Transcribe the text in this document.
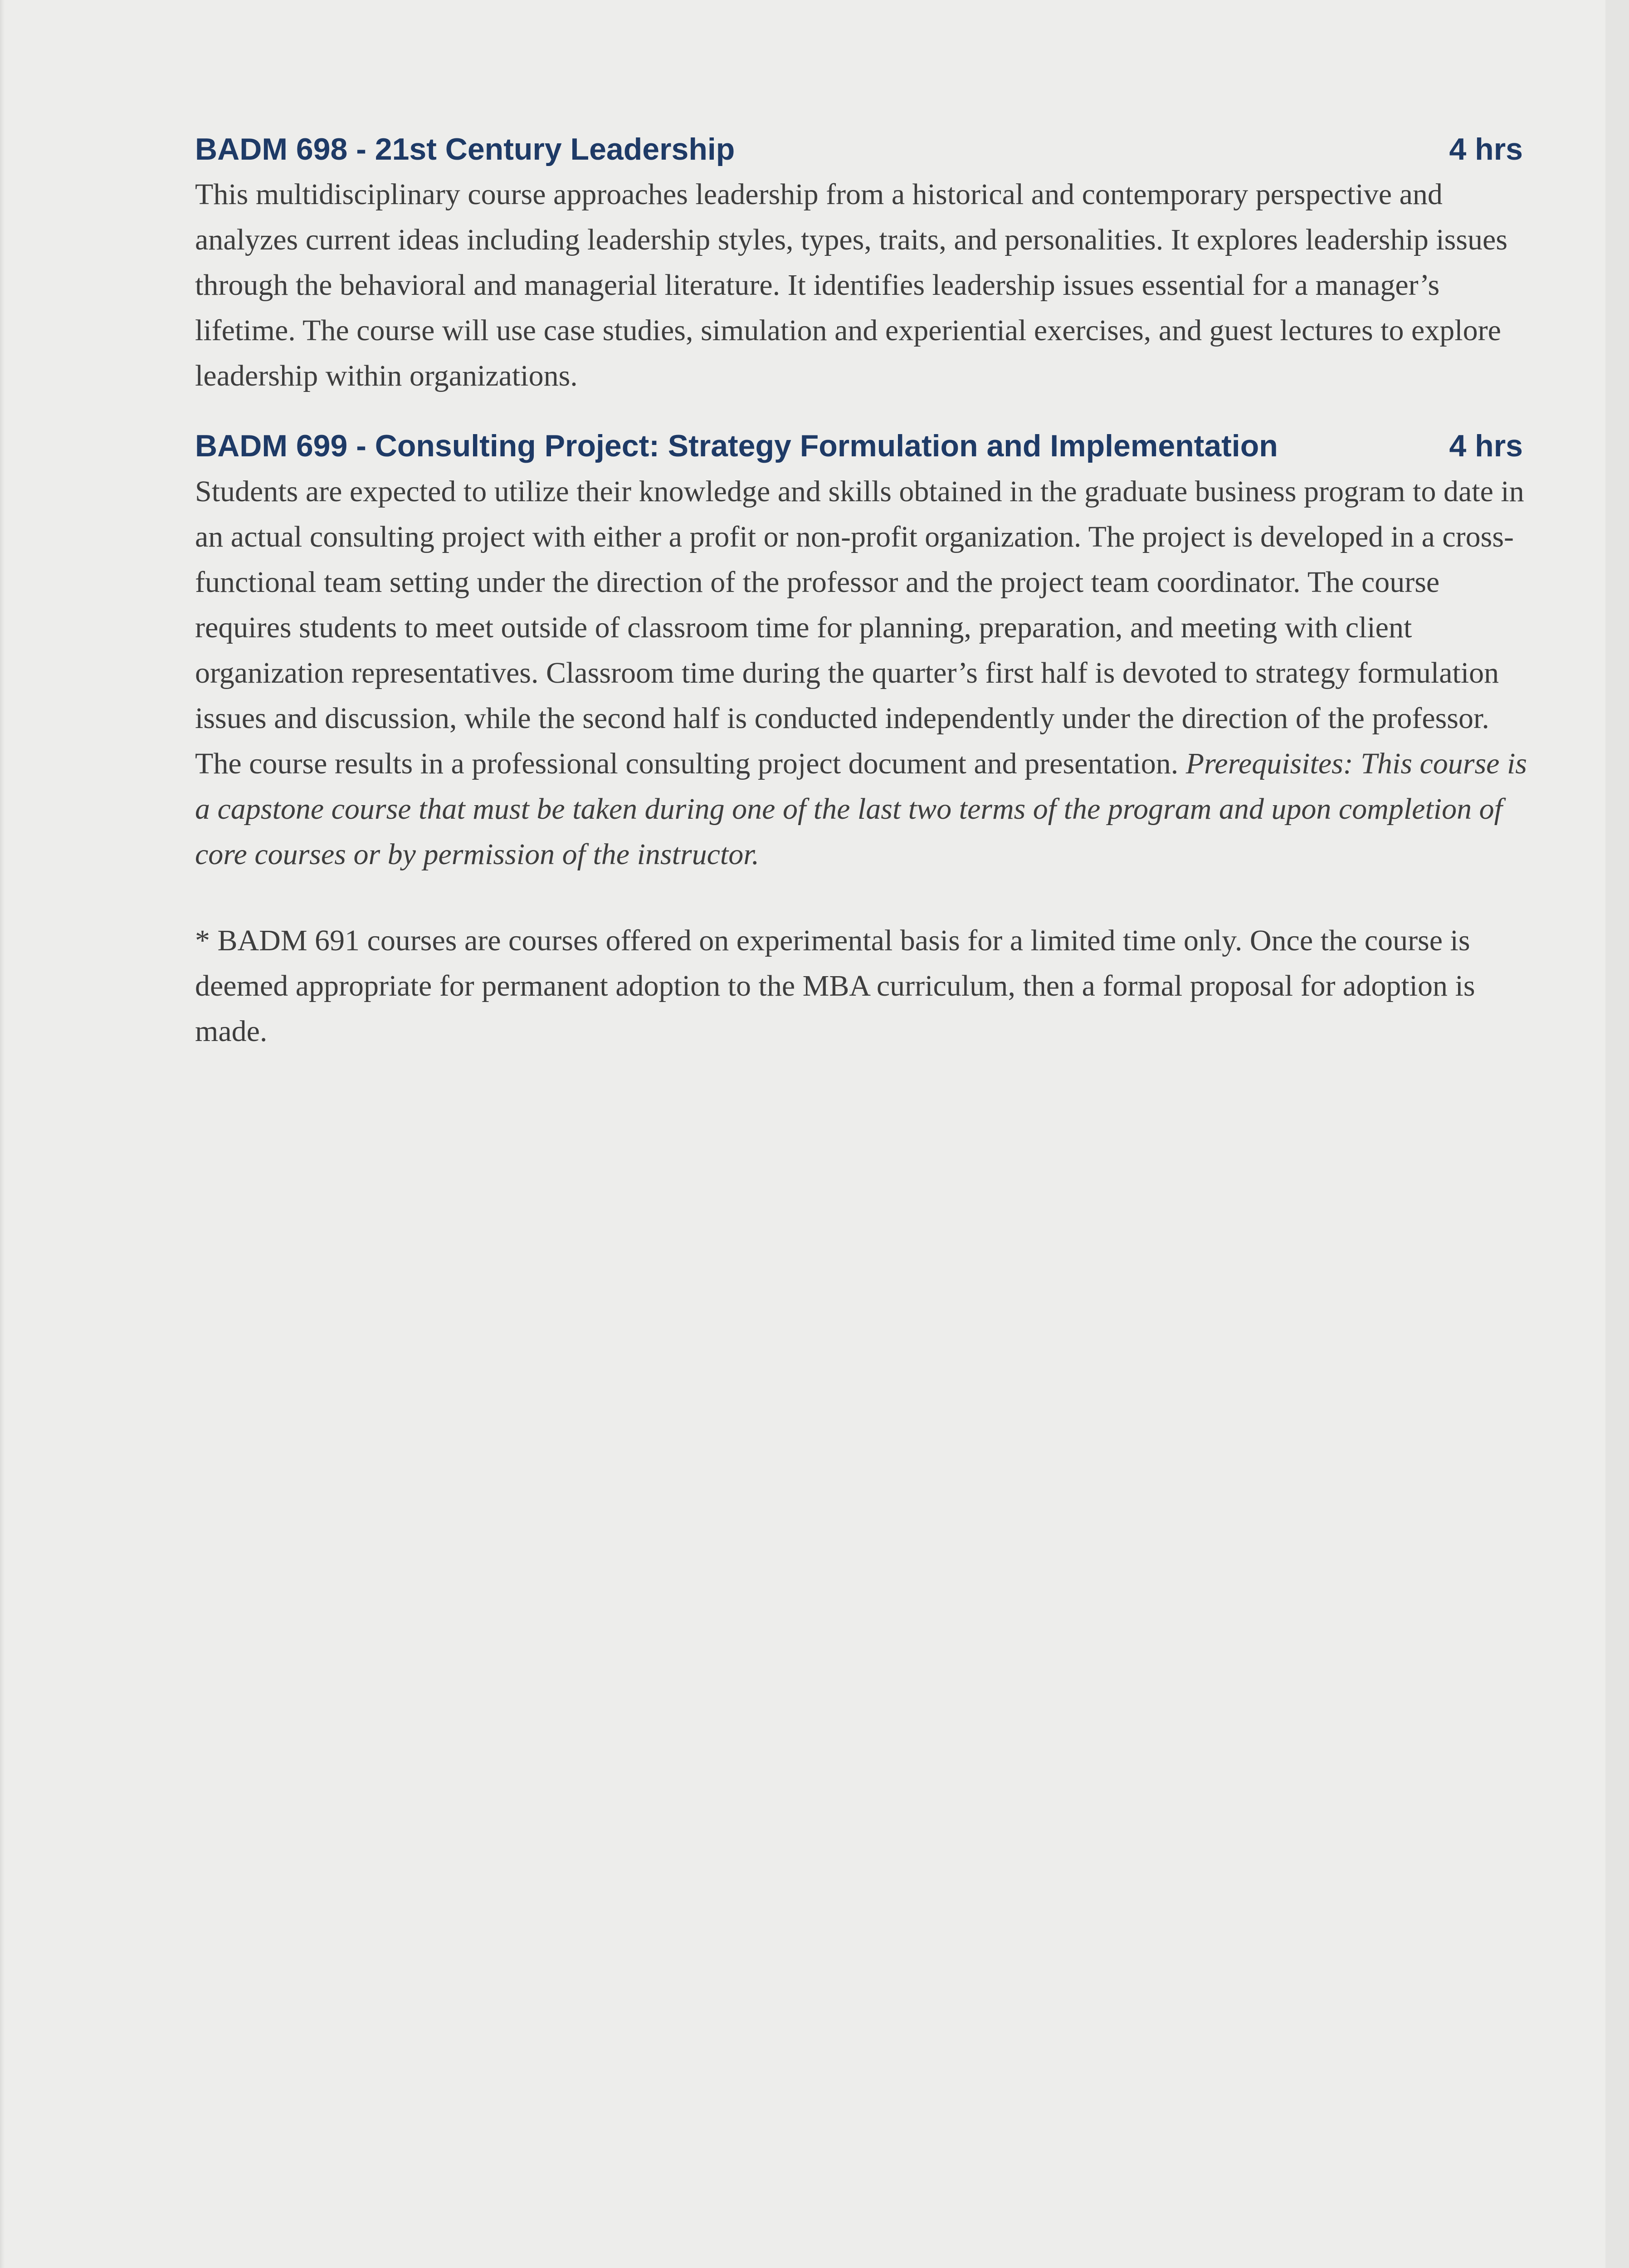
BADM 698 - 21st Century Leadership	4 hrs

This multidisciplinary course approaches leadership from a historical and contemporary perspective and analyzes current ideas including leadership styles, types, traits, and personalities. It explores leadership issues through the behavioral and managerial literature. It identifies leadership issues essential for a manager’s lifetime. The course will use case studies, simulation and experiential exercises, and guest lectures to explore leadership within organizations.

BADM 699 - Consulting Project: Strategy Formulation and Implementation	4 hrs

Students are expected to utilize their knowledge and skills obtained in the graduate business program to date in an actual consulting project with either a profit or non-profit organization. The project is developed in a cross-functional team setting under the direction of the professor and the project team coordinator. The course requires students to meet outside of classroom time for planning, preparation, and meeting with client organization representatives. Classroom time during the quarter’s first half is devoted to strategy formulation issues and discussion, while the second half is conducted independently under the direction of the professor. The course results in a professional consulting project document and presentation. Prerequisites: This course is a capstone course that must be taken during one of the last two terms of the program and upon completion of core courses or by permission of the instructor.

* BADM 691 courses are courses offered on experimental basis for a limited time only. Once the course is deemed appropriate for permanent adoption to the MBA curriculum, then a formal proposal for adoption is made.
